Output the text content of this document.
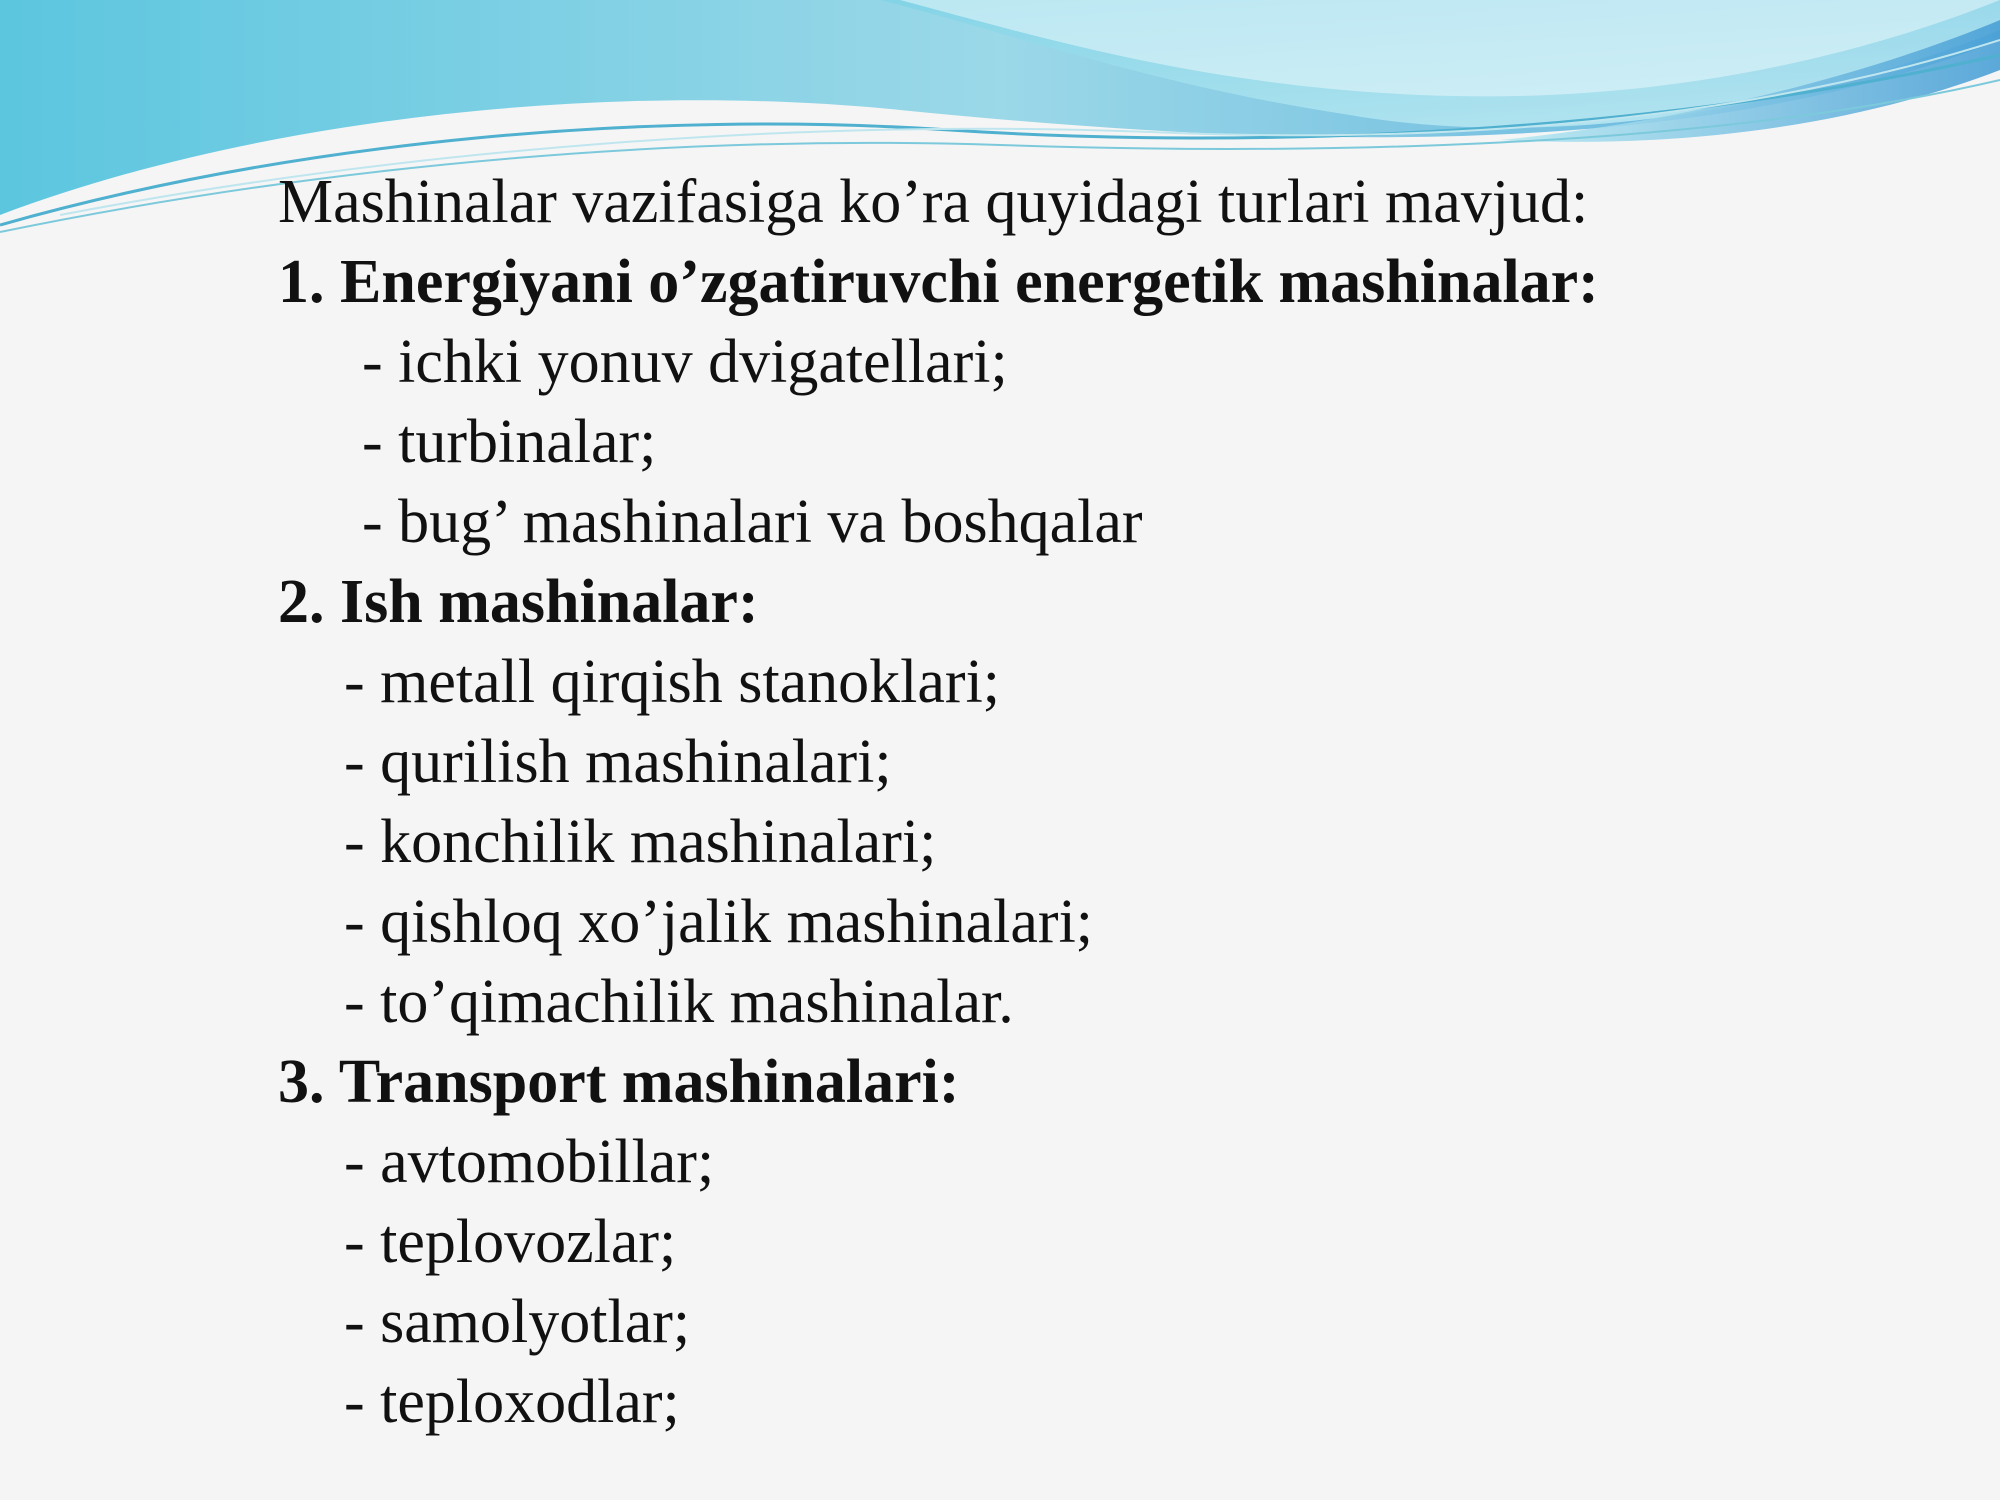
Mashinalar vazifasiga ko’ra quyidagi turlari mavjud:
1. Energiyani o’zgatiruvchi energetik mashinalar:
- ichki yonuv dvigatellari;
- turbinalar;
- bug’ mashinalari va boshqalar
2. Ish mashinalar:
- metall qirqish stanoklari;
- qurilish mashinalari;
- konchilik mashinalari;
- qishloq xo’jalik mashinalari;
- to’qimachilik mashinalar.
3. Transport mashinalari:
- avtomobillar;
- teplovozlar;
- samolyotlar;
- teploxodlar;
